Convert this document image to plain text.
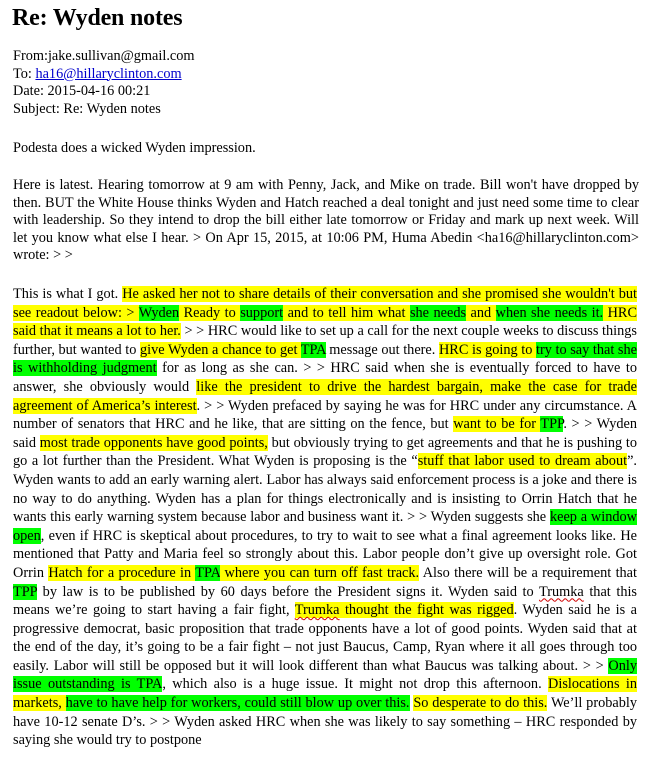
Re: Wyden notes
From:jake.sullivan@gmail.com
To: ha16@hillaryclinton.com
Date: 2015-04-16 00:21
Subject: Re: Wyden notes
Podesta does a wicked Wyden impression.
Here is latest. Hearing tomorrow at 9 am with Penny, Jack, and Mike on trade. Bill won't have dropped by then. BUT the White House thinks Wyden and Hatch reached a deal tonight and just need some time to clear with leadership. So they intend to drop the bill either late tomorrow or Friday and mark up next week. Will let you know what else I hear. > On Apr 15, 2015, at 10:06 PM, Huma Abedin <ha16@hillaryclinton.com> wrote: > >
This is what I got. He asked her not to share details of their conversation and she promised she wouldn't but see readout below: > Wyden Ready to support and to tell him what she needs and when she needs it. HRC said that it means a lot to her. > > HRC would like to set up a call for the next couple weeks to discuss things further, but wanted to give Wyden a chance to get TPA message out there. HRC is going to try to say that she is withholding judgment for as long as she can. > > HRC said when she is eventually forced to have to answer, she obviously would like the president to drive the hardest bargain, make the case for trade agreement of America’s interest. > > Wyden prefaced by saying he was for HRC under any circumstance. A number of senators that HRC and he like, that are sitting on the fence, but want to be for TPP. > > Wyden said most trade opponents have good points, but obviously trying to get agreements and that he is pushing to go a lot further than the President. What Wyden is proposing is the “stuff that labor used to dream about”. Wyden wants to add an early warning alert. Labor has always said enforcement process is a joke and there is no way to do anything. Wyden has a plan for things electronically and is insisting to Orrin Hatch that he wants this early warning system because labor and business want it. > > Wyden suggests she keep a window open, even if HRC is skeptical about procedures, to try to wait to see what a final agreement looks like. He mentioned that Patty and Maria feel so strongly about this. Labor people don’t give up oversight role. Got Orrin Hatch for a procedure in TPA where you can turn off fast track. Also there will be a requirement that TPP by law is to be published by 60 days before the President signs it. Wyden said to Trumka that this means we’re going to start having a fair fight, Trumka thought the fight was rigged. Wyden said he is a progressive democrat, basic proposition that trade opponents have a lot of good points. Wyden said that at the end of the day, it’s going to be a fair fight – not just Baucus, Camp, Ryan where it all goes through too easily. Labor will still be opposed but it will look different than what Baucus was talking about. > > Only issue outstanding is TPA, which also is a huge issue. It might not drop this afternoon. Dislocations in markets, have to have help for workers, could still blow up over this. So desperate to do this. We’ll probably have 10-12 senate D’s. > > Wyden asked HRC when she was likely to say something – HRC responded by saying she would try to postpone
